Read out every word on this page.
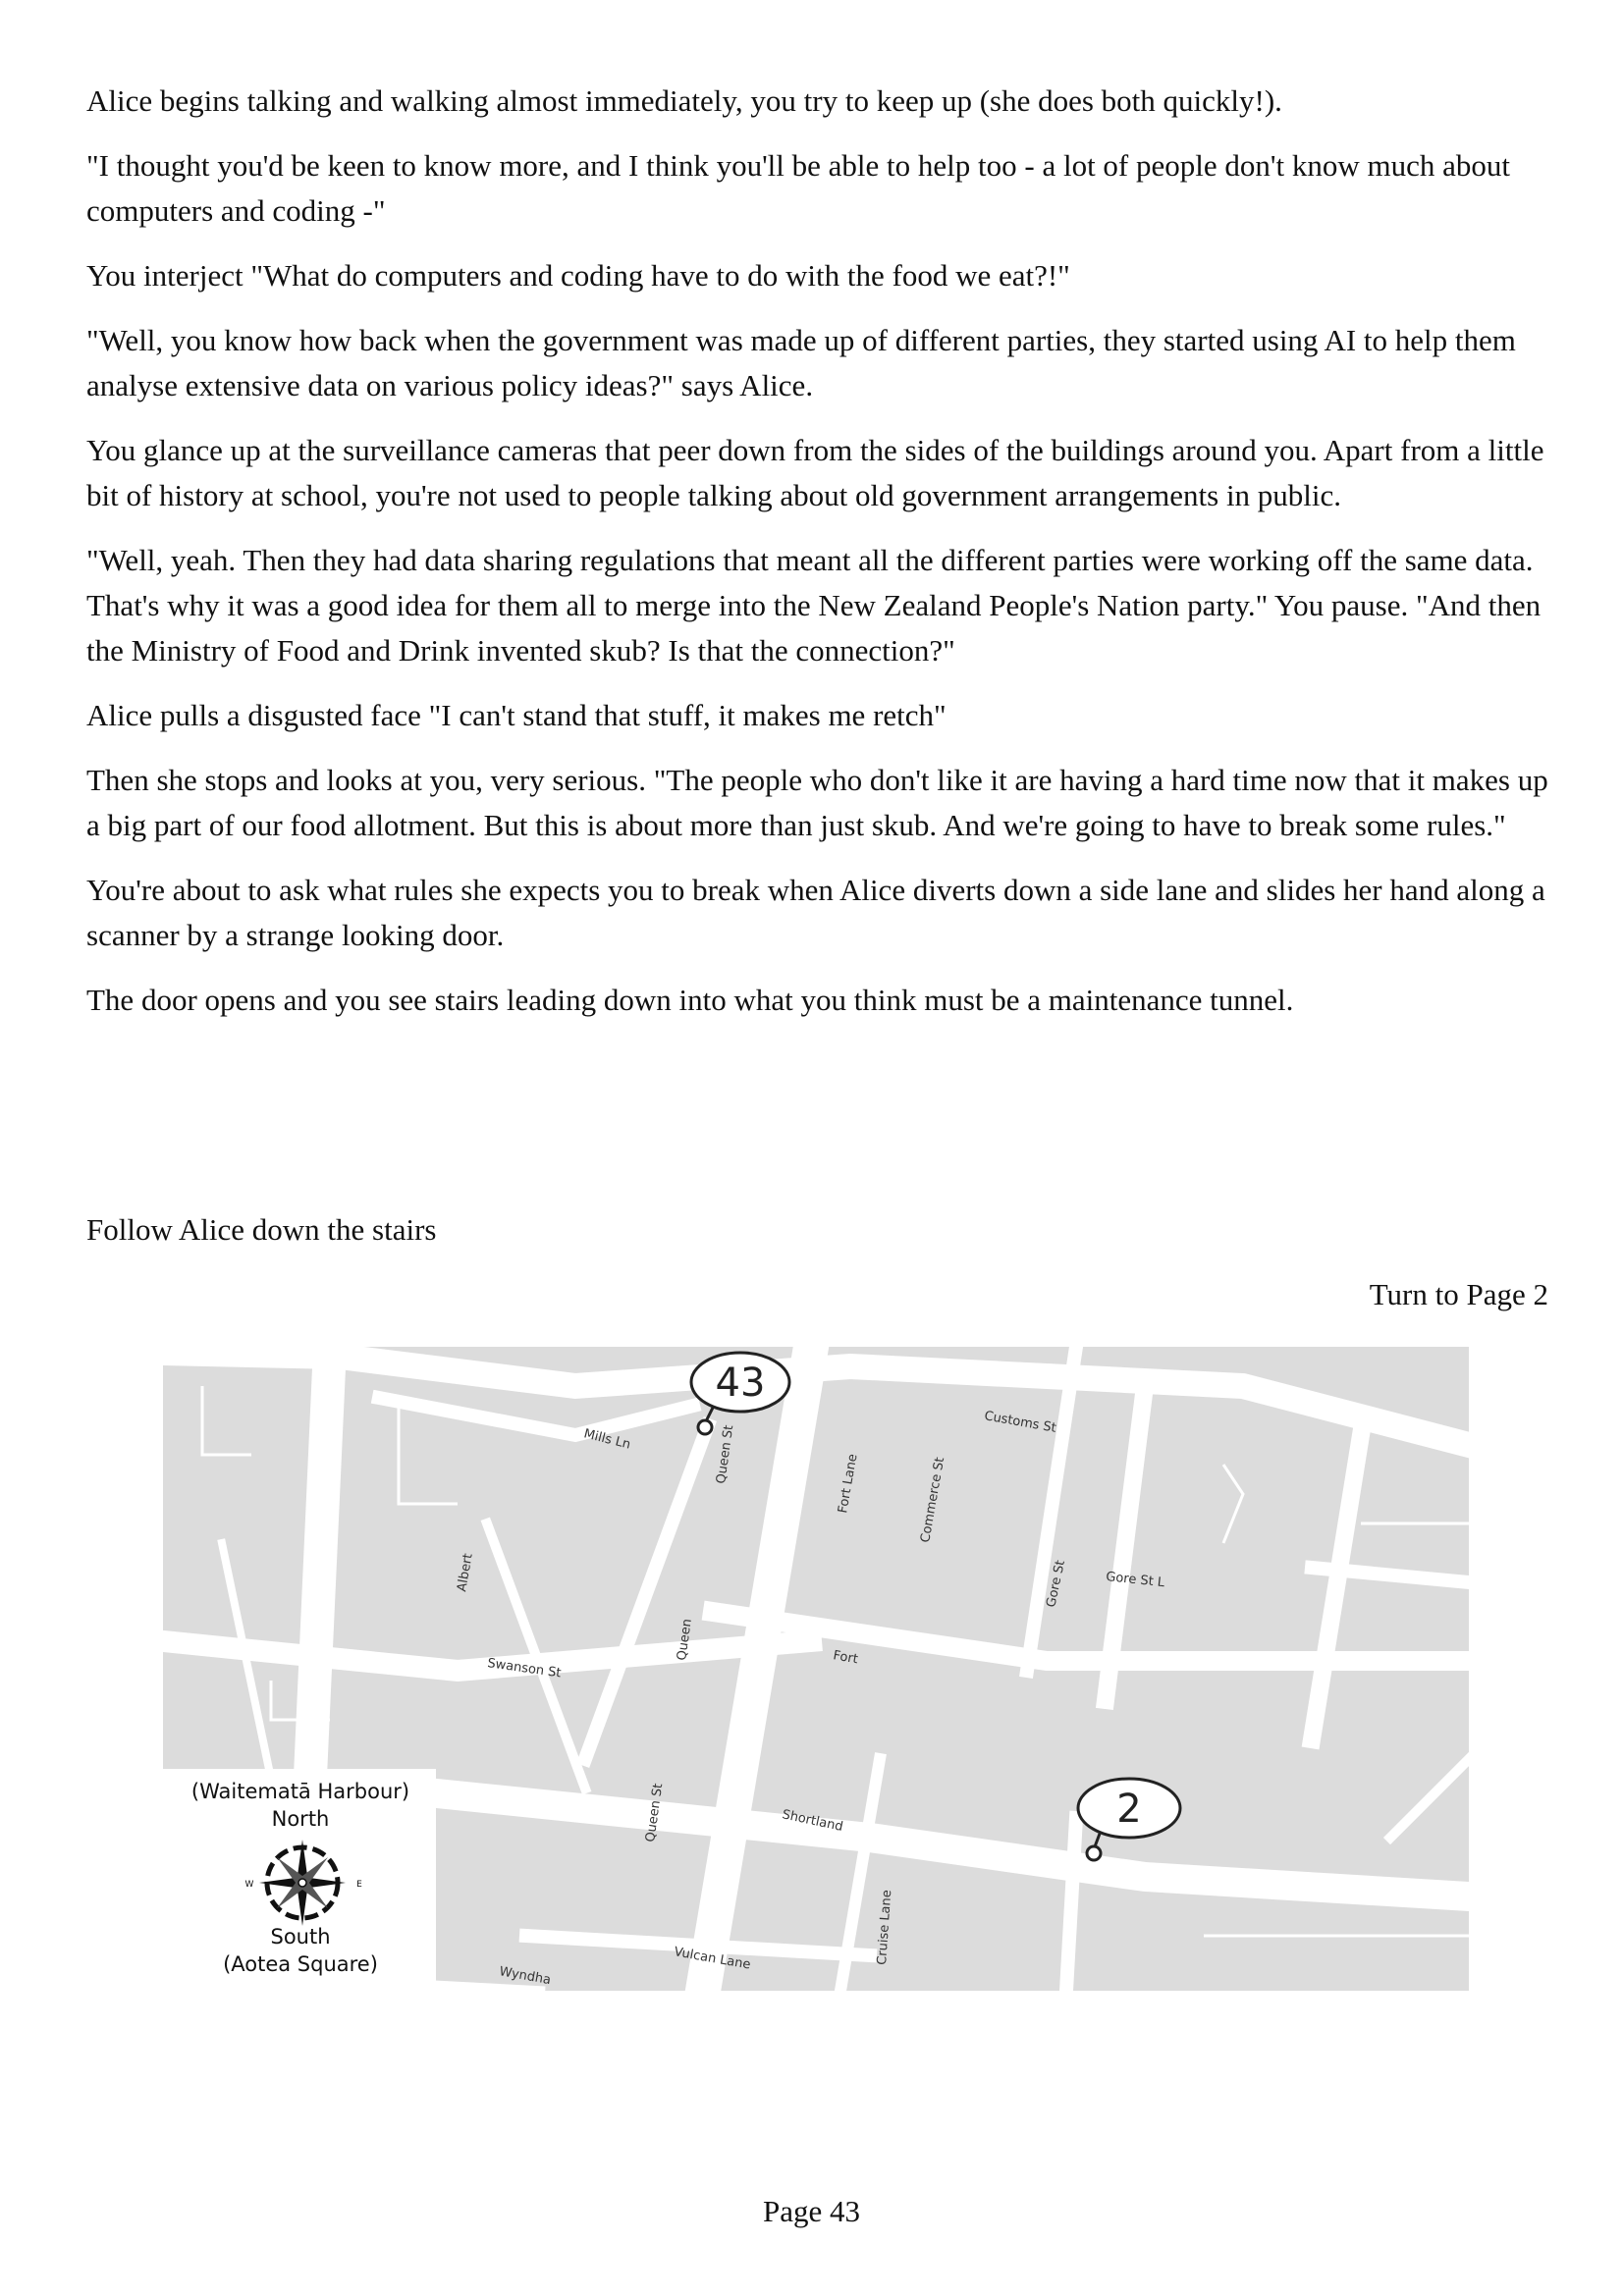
Alice begins talking and walking almost immediately, you try to keep up (she does both quickly!).

"I thought you'd be keen to know more, and I think you'll be able to help too - a lot of people don't know much about computers and coding -"

You interject "What do computers and coding have to do with the food we eat?!"

"Well, you know how back when the government was made up of different parties, they started using AI to help them analyse extensive data on various policy ideas?" says Alice.

You glance up at the surveillance cameras that peer down from the sides of the buildings around you. Apart from a little bit of history at school, you're not used to people talking about old government arrangements in public.

"Well, yeah. Then they had data sharing regulations that meant all the different parties were working off the same data. That's why it was a good idea for them all to merge into the New Zealand People's Nation party." You pause. "And then the Ministry of Food and Drink invented skub? Is that the connection?"

Alice pulls a disgusted face "I can't stand that stuff, it makes me retch"

Then she stops and looks at you, very serious. "The people who don't like it are having a hard time now that it makes up a big part of our food allotment. But this is about more than just skub. And we're going to have to break some rules."

You're about to ask what rules she expects you to break when Alice diverts down a side lane and slides her hand along a scanner by a strange looking door.

The door opens and you see stairs leading down into what you think must be a maintenance tunnel.

Follow Alice down the stairs

Turn to Page 2

Mills Ln
Albert
Swanson St
Queen St
Queen
Queen St
Fort Lane	Commerce St
Customs St
Gore St	Gore St L
Fort
Shortland
Vulcan Lane	Cruise Lane
Wyndha
43
2
(Waitematā Harbour)
North
W	E
South
(Aotea Square)

Page 43
